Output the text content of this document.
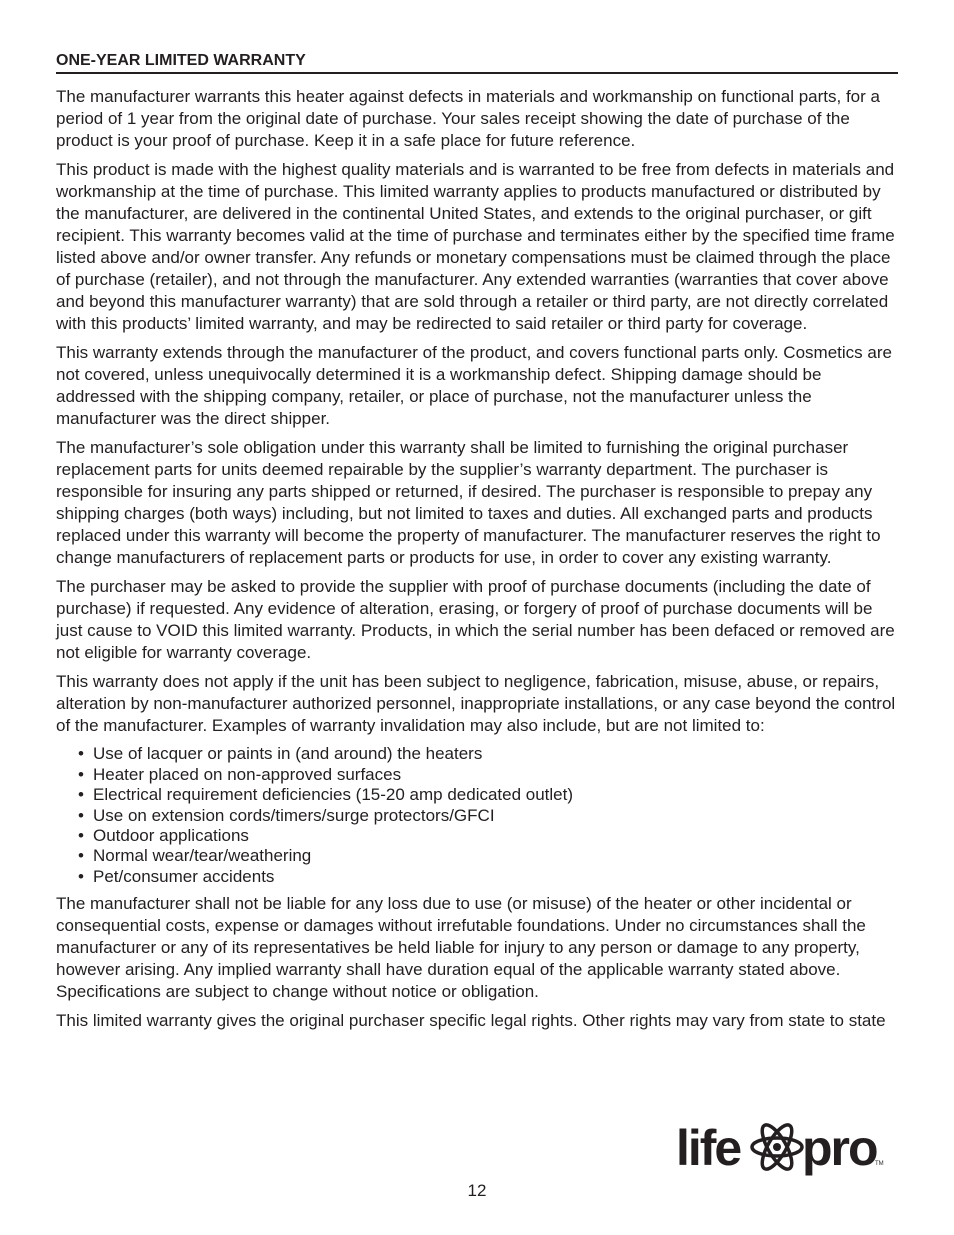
ONE-YEAR LIMITED WARRANTY

The manufacturer warrants this heater against defects in materials and workmanship on functional parts, for a period of 1 year from the original date of purchase. Your sales receipt showing the date of purchase of the product is your proof of purchase. Keep it in a safe place for future reference.

This product is made with the highest quality materials and is warranted to be free from defects in materials and workmanship at the time of purchase. This limited warranty applies to products manufactured or distributed by the manufacturer, are delivered in the continental United States, and extends to the original purchaser, or gift recipient. This warranty becomes valid at the time of purchase and terminates either by the specified time frame listed above and/or owner transfer. Any refunds or monetary compensations must be claimed through the place of purchase (retailer), and not through the manufacturer. Any extended warranties (warranties that cover above and beyond this manufacturer warranty) that are sold through a retailer or third party, are not directly correlated with this products’ limited warranty, and may be redirected to said retailer or third party for coverage.

This warranty extends through the manufacturer of the product, and covers functional parts only. Cosmetics are not covered, unless unequivocally determined it is a workmanship defect. Shipping damage should be addressed with the shipping company, retailer, or place of purchase, not the manufacturer unless the manufacturer was the direct shipper.

The manufacturer’s sole obligation under this warranty shall be limited to furnishing the original purchaser replacement parts for units deemed repairable by the supplier’s warranty department. The purchaser is responsible for insuring any parts shipped or returned, if desired. The purchaser is responsible to prepay any shipping charges (both ways) including, but not limited to taxes and duties. All exchanged parts and products replaced under this warranty will become the property of manufacturer. The manufacturer reserves the right to change manufacturers of replacement parts or products for use, in order to cover any existing warranty.

The purchaser may be asked to provide the supplier with proof of purchase documents (including the date of purchase) if requested. Any evidence of alteration, erasing, or forgery of proof of purchase documents will be just cause to VOID this limited warranty. Products, in which the serial number has been defaced or removed are not eligible for warranty coverage.

This warranty does not apply if the unit has been subject to negligence, fabrication, misuse, abuse, or repairs, alteration by non-manufacturer authorized personnel, inappropriate installations, or any case beyond the control of the manufacturer. Examples of warranty invalidation may also include, but are not limited to:

• Use of lacquer or paints in (and around) the heaters
• Heater placed on non-approved surfaces
• Electrical requirement deficiencies (15-20 amp dedicated outlet)
• Use on extension cords/timers/surge protectors/GFCI
• Outdoor applications
• Normal wear/tear/weathering
• Pet/consumer accidents

The manufacturer shall not be liable for any loss due to use (or misuse) of the heater or other incidental or consequential costs, expense or damages without irrefutable foundations. Under no circumstances shall the manufacturer or any of its representatives be held liable for injury to any person or damage to any property, however arising. Any implied warranty shall have duration equal of the applicable warranty stated above. Specifications are subject to change without notice or obligation.

This limited warranty gives the original purchaser specific legal rights. Other rights may vary from state to state

life pro
TM
12
